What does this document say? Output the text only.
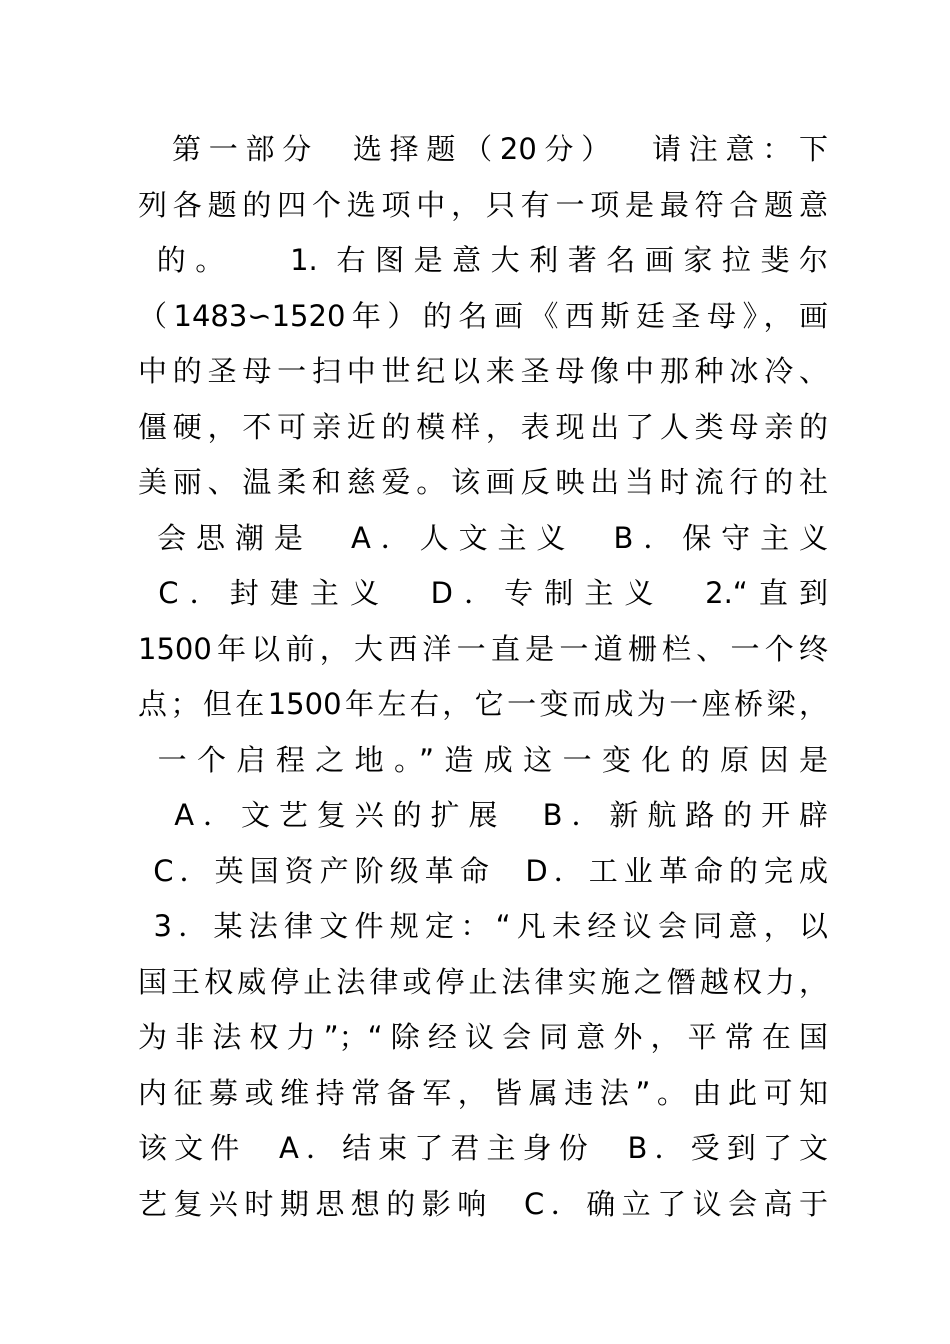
第一部分  选择题（20分）  请注意：下
列各题的四个选项中，只有一项是最符合题意
的。   1. 右图是意大利著名画家拉斐尔
（1483∽1520年）的名画《西斯廷圣母》，画
中的圣母一扫中世纪以来圣母像中那种冰冷、
僵硬，不可亲近的模样，表现出了人类母亲的
美丽、温柔和慈爱。该画反映出当时流行的社
会思潮是  A．人文主义  B．保守主义
C．封建主义  D．专制主义  2.“直到
1500年以前，大西洋一直是一道栅栏、一个终
点；但在1500年左右，它一变而成为一座桥梁，
一个启程之地。”造成这一变化的原因是
A．文艺复兴的扩展  B．新航路的开辟
C．英国资产阶级革命  D．工业革命的完成
3．某法律文件规定：“凡未经议会同意，以
国王权威停止法律或停止法律实施之僭越权力，
为非法权力”；“除经议会同意外，平常在国
内征募或维持常备军，皆属违法”。由此可知
该文件  A．结束了君主身份  B．受到了文
艺复兴时期思想的影响  C．确立了议会高于
